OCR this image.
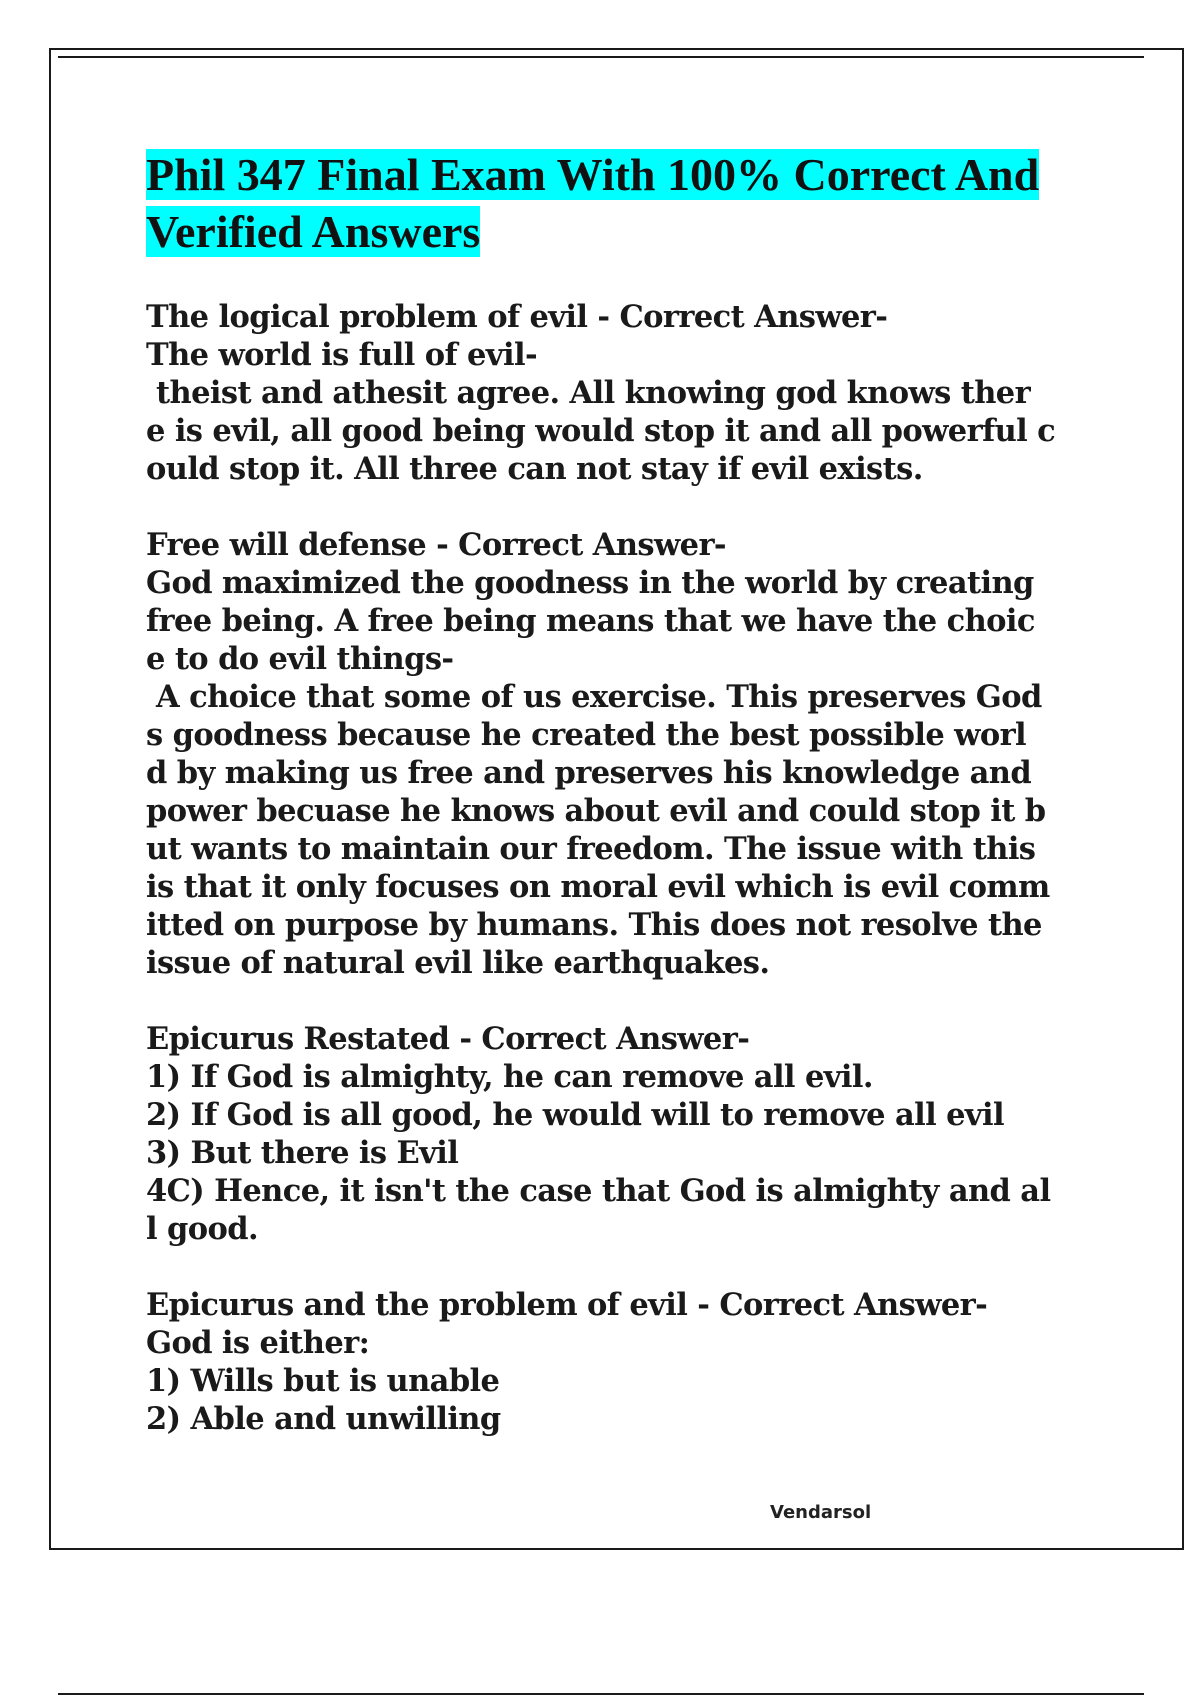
Phil 347 Final Exam With 100% Correct And
Verified Answers
The logical problem of evil - Correct Answer-
The world is full of evil-
theist and athesit agree. All knowing god knows ther
e is evil, all good being would stop it and all powerful c
ould stop it. All three can not stay if evil exists.
Free will defense - Correct Answer-
God maximized the goodness in the world by creating
free being. A free being means that we have the choic
e to do evil things-
A choice that some of us exercise. This preserves God
s goodness because he created the best possible worl
d by making us free and preserves his knowledge and
power becuase he knows about evil and could stop it b
ut wants to maintain our freedom. The issue with this
is that it only focuses on moral evil which is evil comm
itted on purpose by humans. This does not resolve the
issue of natural evil like earthquakes.
Epicurus Restated - Correct Answer-
1) If God is almighty, he can remove all evil.
2) If God is all good, he would will to remove all evil
3) But there is Evil
4C) Hence, it isn't the case that God is almighty and al
l good.
Epicurus and the problem of evil - Correct Answer-
God is either:
1) Wills but is unable
2) Able and unwilling
Vendarsol
